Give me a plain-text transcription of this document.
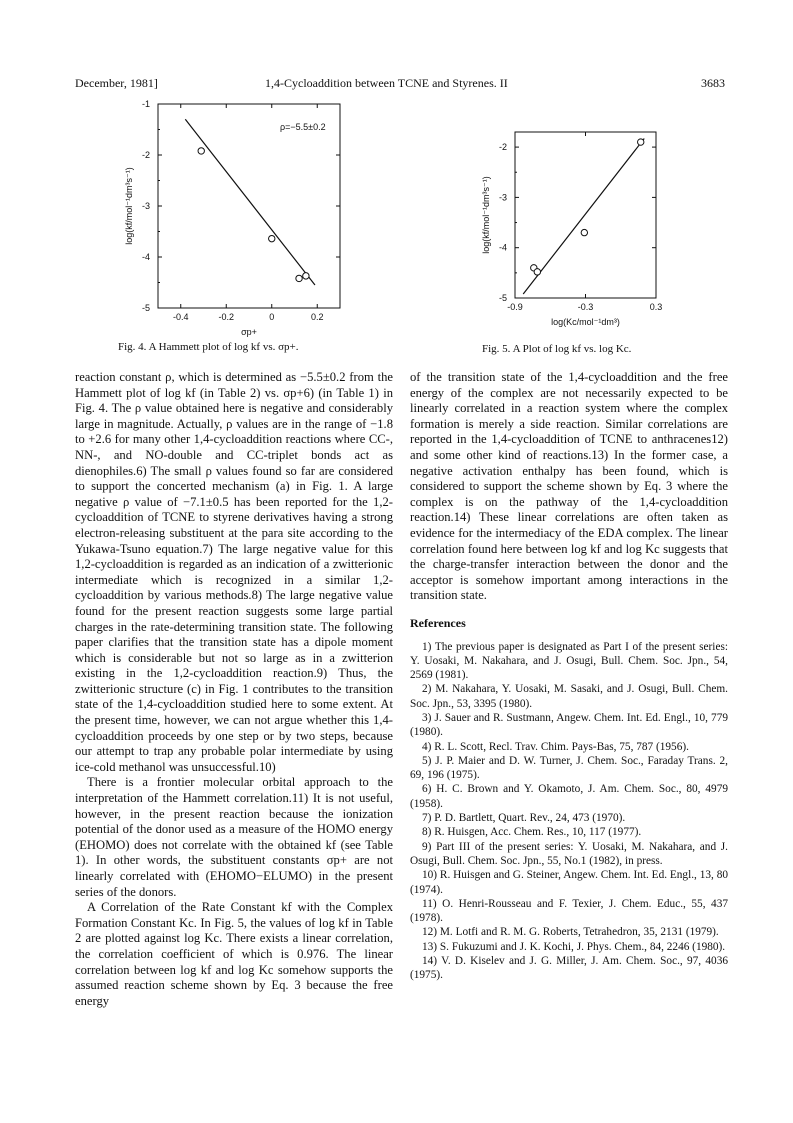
December, 1981]	1,4-Cycloaddition between TCNE and Styrenes. II	3683
-0.4	-0.2	0	0.2
-5
-4
-3
-2
-1
σp+
log(kf/mol⁻¹dm³s⁻¹)
ρ=−5.5±0.2
Fig. 4. A Hammett plot of log kf vs. σp+.
-0.9	-0.3	0.3
-5
-4
-3
-2
log(Kc/mol⁻¹dm³)
log(kf/mol⁻¹dm³s⁻¹)
Fig. 5. A Plot of log kf vs. log Kc.

reaction constant ρ, which is determined as −5.5±0.2 from the Hammett plot of log kf (in Table 2) vs. σp+6) (in Table 1) in Fig. 4. The ρ value obtained here is negative and considerably large in magnitude. Actually, ρ values are in the range of −1.8 to +2.6 for many other 1,4-cycloaddition reactions where CC-, NN-, and NO-double and CC-triplet bonds act as dienophiles.6) The small ρ values found so far are considered to support the concerted mechanism (a) in Fig. 1. A large negative ρ value of −7.1±0.5 has been reported for the 1,2-cycloaddition of TCNE to styrene derivatives having a strong electron-releasing substituent at the para site according to the Yukawa-Tsuno equation.7) The large negative value for this 1,2-cycloaddition is regarded as an indication of a zwitterionic intermediate which is recognized in a similar 1,2-cycloaddition by various methods.8) The large negative value found for the present reaction suggests some large partial charges in the rate-determining transition state. The following paper clarifies that the transition state has a dipole moment which is considerable but not so large as in a zwitterion existing in the 1,2-cycloaddition reaction.9) Thus, the zwitterionic structure (c) in Fig. 1 contributes to the transition state of the 1,4-cycloaddition studied here to some extent. At the present time, however, we can not argue whether this 1,4-cycloaddition proceeds by one step or by two steps, because our attempt to trap any probable polar intermediate by using ice-cold methanol was unsuccessful.10)

There is a frontier molecular orbital approach to the interpretation of the Hammett correlation.11) It is not useful, however, in the present reaction because the ionization potential of the donor used as a measure of the HOMO energy (EHOMO) does not correlate with the obtained kf (see Table 1). In other words, the substituent constants σp+ are not linearly correlated with (EHOMO−ELUMO) in the present series of the donors.

A Correlation of the Rate Constant kf with the Complex Formation Constant Kc. In Fig. 5, the values of log kf in Table 2 are plotted against log Kc. There exists a linear correlation, the correlation coefficient of which is 0.976. The linear correlation between log kf and log Kc somehow supports the assumed reaction scheme shown by Eq. 3 because the free energy

of the transition state of the 1,4-cycloaddition and the free energy of the complex are not necessarily expected to be linearly correlated in a reaction system where the complex formation is merely a side reaction. Similar correlations are reported in the 1,4-cycloaddition of TCNE to anthracenes12) and some other kind of reactions.13) In the former case, a negative activation enthalpy has been found, which is considered to support the scheme shown by Eq. 3 where the complex is on the pathway of the 1,4-cycloaddition reaction.14) These linear correlations are often taken as evidence for the intermediacy of the EDA complex. The linear correlation found here between log kf and log Kc suggests that the charge-transfer interaction between the donor and the acceptor is somehow important among interactions in the transition state.

References

1) The previous paper is designated as Part I of the present series: Y. Uosaki, M. Nakahara, and J. Osugi, Bull. Chem. Soc. Jpn., 54, 2569 (1981).

2) M. Nakahara, Y. Uosaki, M. Sasaki, and J. Osugi, Bull. Chem. Soc. Jpn., 53, 3395 (1980).

3) J. Sauer and R. Sustmann, Angew. Chem. Int. Ed. Engl., 10, 779 (1980).

4) R. L. Scott, Recl. Trav. Chim. Pays-Bas, 75, 787 (1956).

5) J. P. Maier and D. W. Turner, J. Chem. Soc., Faraday Trans. 2, 69, 196 (1975).

6) H. C. Brown and Y. Okamoto, J. Am. Chem. Soc., 80, 4979 (1958).

7) P. D. Bartlett, Quart. Rev., 24, 473 (1970).

8) R. Huisgen, Acc. Chem. Res., 10, 117 (1977).

9) Part III of the present series: Y. Uosaki, M. Nakahara, and J. Osugi, Bull. Chem. Soc. Jpn., 55, No.1 (1982), in press.

10) R. Huisgen and G. Steiner, Angew. Chem. Int. Ed. Engl., 13, 80 (1974).

11) O. Henri-Rousseau and F. Texier, J. Chem. Educ., 55, 437 (1978).

12) M. Lotfi and R. M. G. Roberts, Tetrahedron, 35, 2131 (1979).

13) S. Fukuzumi and J. K. Kochi, J. Phys. Chem., 84, 2246 (1980).

14) V. D. Kiselev and J. G. Miller, J. Am. Chem. Soc., 97, 4036 (1975).
